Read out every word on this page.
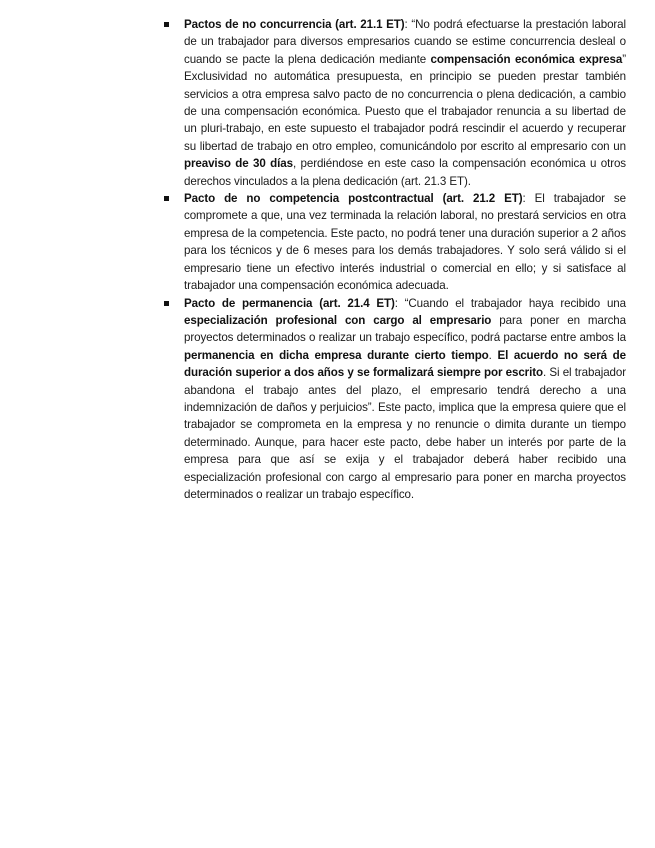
Pactos de no concurrencia (art. 21.1 ET): “No podrá efectuarse la prestación laboral de un trabajador para diversos empresarios cuando se estime concurrencia desleal o cuando se pacte la plena dedicación mediante compensación económica expresa” Exclusividad no automática presupuesta, en principio se pueden prestar también servicios a otra empresa salvo pacto de no concurrencia o plena dedicación, a cambio de una compensación económica. Puesto que el trabajador renuncia a su libertad de un pluri-trabajo, en este supuesto el trabajador podrá rescindir el acuerdo y recuperar su libertad de trabajo en otro empleo, comunicándolo por escrito al empresario con un preaviso de 30 días, perdiéndose en este caso la compensación económica u otros derechos vinculados a la plena dedicación (art. 21.3 ET).
Pacto de no competencia postcontractual (art. 21.2 ET): El trabajador se compromete a que, una vez terminada la relación laboral, no prestará servicios en otra empresa de la competencia. Este pacto, no podrá tener una duración superior a 2 años para los técnicos y de 6 meses para los demás trabajadores. Y solo será válido si el empresario tiene un efectivo interés industrial o comercial en ello; y si satisface al trabajador una compensación económica adecuada.
Pacto de permanencia (art. 21.4 ET): “Cuando el trabajador haya recibido una especialización profesional con cargo al empresario para poner en marcha proyectos determinados o realizar un trabajo específico, podrá pactarse entre ambos la permanencia en dicha empresa durante cierto tiempo. El acuerdo no será de duración superior a dos años y se formalizará siempre por escrito. Si el trabajador abandona el trabajo antes del plazo, el empresario tendrá derecho a una indemnización de daños y perjuicios”. Este pacto, implica que la empresa quiere que el trabajador se comprometa en la empresa y no renuncie o dimita durante un tiempo determinado. Aunque, para hacer este pacto, debe haber un interés por parte de la empresa para que así se exija y el trabajador deberá haber recibido una especialización profesional con cargo al empresario para poner en marcha proyectos determinados o realizar un trabajo específico.
